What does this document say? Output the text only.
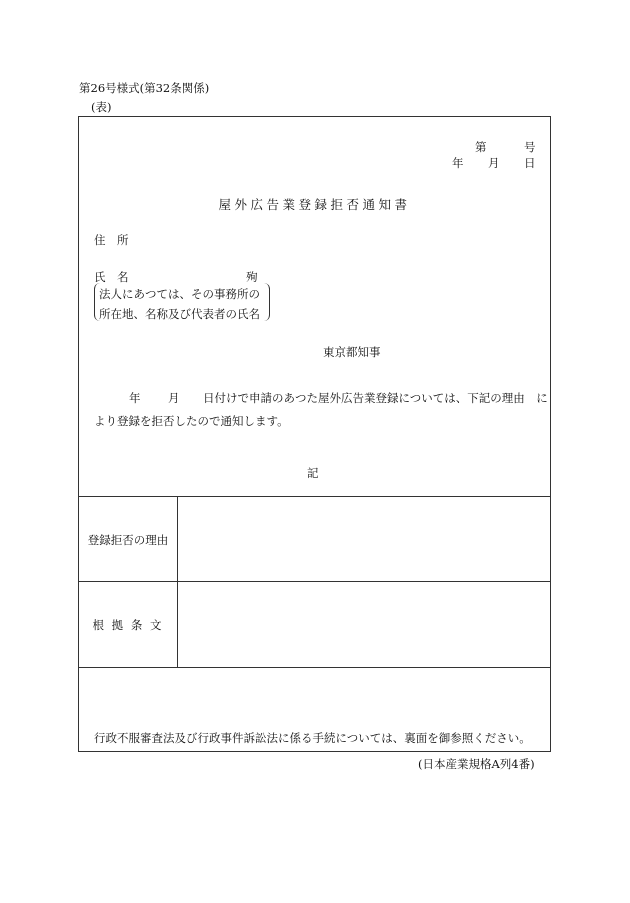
第26号様式(第32条関係)
(表)
第	号
年 月 日
屋外広告業登録拒否通知書
住　所
氏　名	殉
法人にあつては、その事務所の
所在地、名称及び代表者の氏名
東京都知事
年 月 日付けで申請のあつた屋外広告業登録については、下記の理由　に
より登録を拒否したので通知します。
記
登録拒否の理由
根 拠 条 文
行政不服審査法及び行政事件訴訟法に係る手続については、裏面を御参照ください。
(日本産業規格A列4番)
